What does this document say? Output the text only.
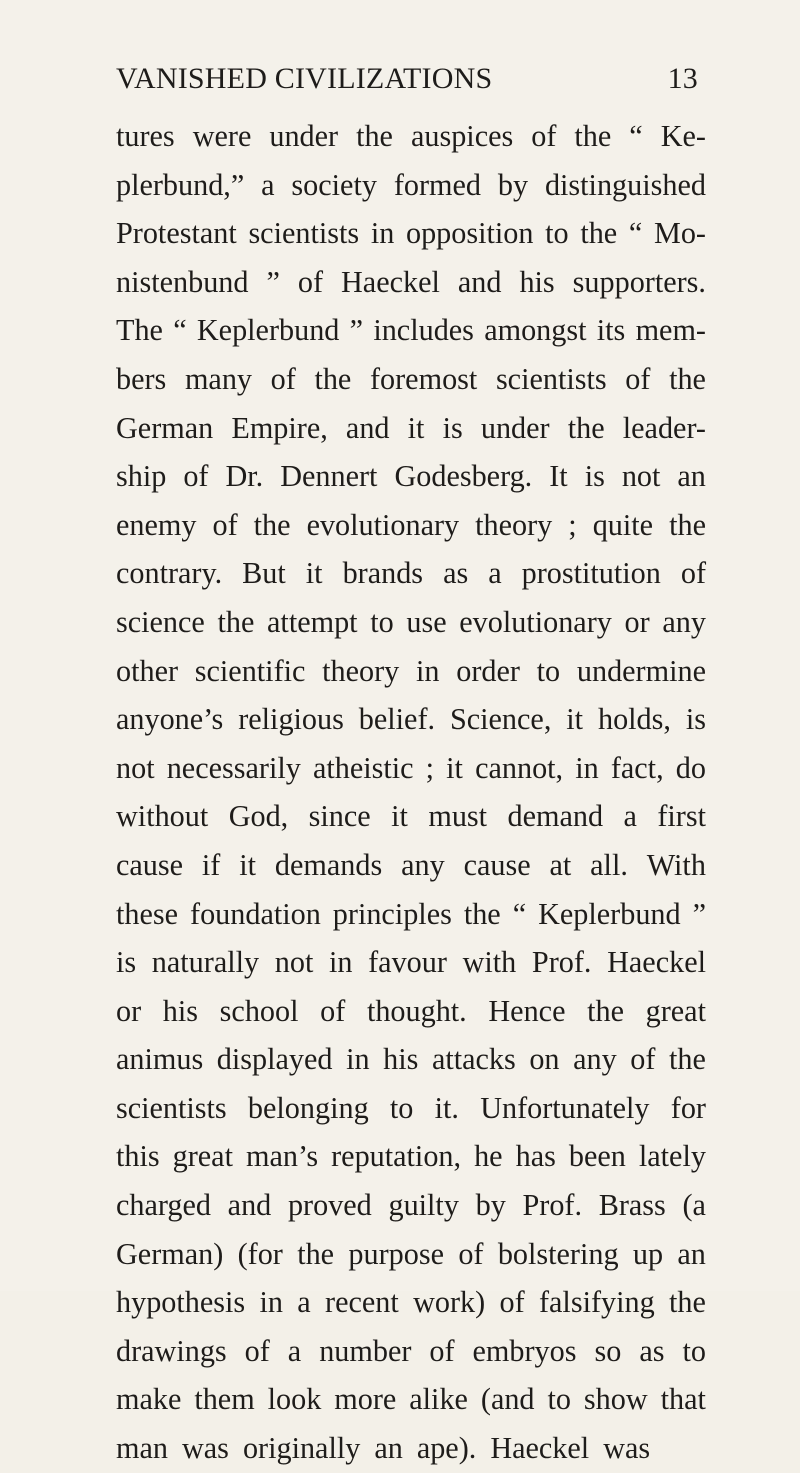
VANISHED CIVILIZATIONS	13
tures were under the auspices of the “ Ke-
plerbund,” a society formed by distinguished
Protestant scientists in opposition to the “ Mo-
nistenbund ” of Haeckel and his supporters.
The “ Keplerbund ” includes amongst its mem-
bers many of the foremost scientists of the
German Empire, and it is under the leader-
ship of Dr. Dennert Godesberg. It is not an
enemy of the evolutionary theory ; quite the
contrary. But it brands as a prostitution of
science the attempt to use evolutionary or any
other scientific theory in order to undermine
anyone’s religious belief. Science, it holds, is
not necessarily atheistic ; it cannot, in fact, do
without God, since it must demand a first
cause if it demands any cause at all. With
these foundation principles the “ Keplerbund ”
is naturally not in favour with Prof. Haeckel
or his school of thought. Hence the great
animus displayed in his attacks on any of the
scientists belonging to it. Unfortunately for
this great man’s reputation, he has been lately
charged and proved guilty by Prof. Brass (a
German) (for the purpose of bolstering up an
hypothesis in a recent work) of falsifying the
drawings of a number of embryos so as to
make them look more alike (and to show that
man was originally an ape). Haeckel was
